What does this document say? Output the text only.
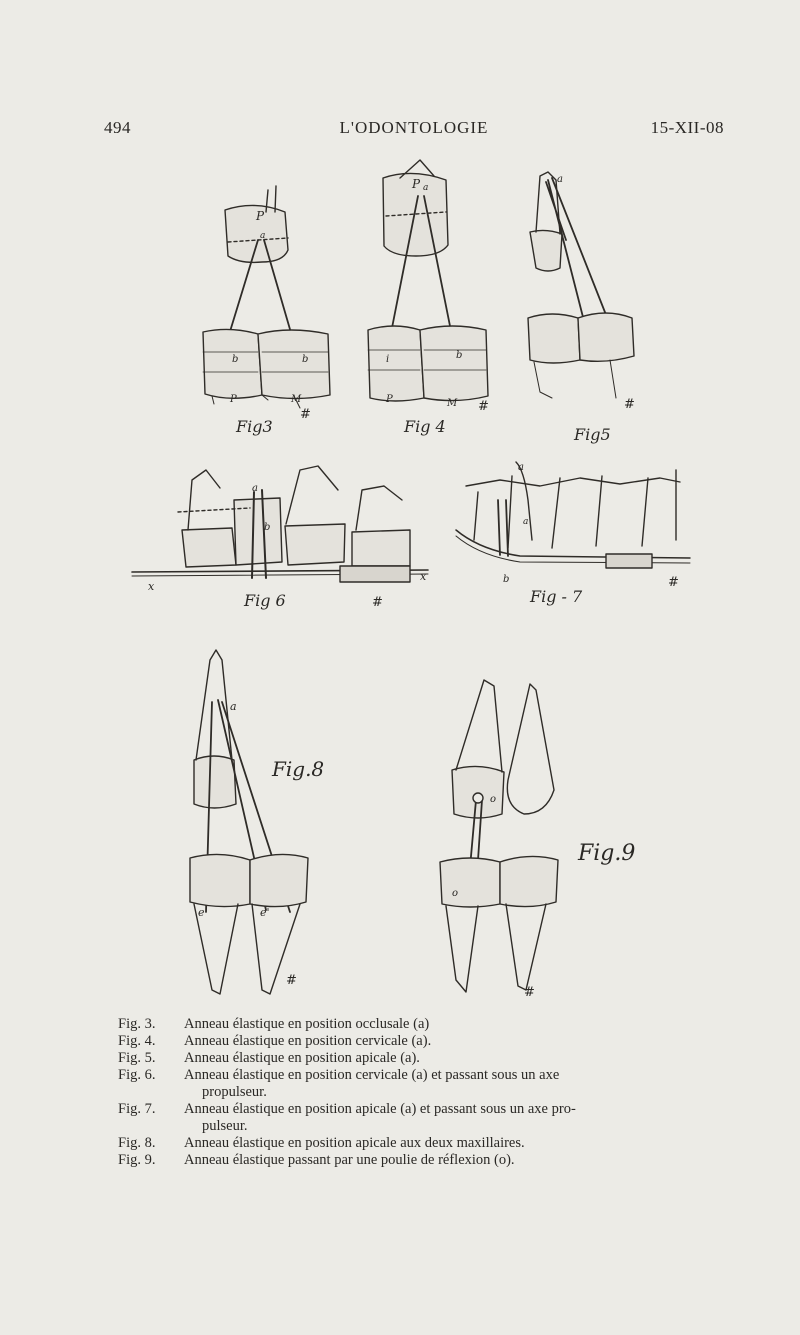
494	L'ODONTOLOGIE	15-XII-08
P
a
b	b
P	M
#
Fig3
P a
i	b
P	M #
Fig 4
a
#
Fig5
a
b
x
x
#
Fig 6
a
a
b	#
Fig - 7
a
e	e'
#
Fig.8
o
o
#
Fig.9
Fig. 3. Anneau élastique en position occlusale (a)
Fig. 4. Anneau élastique en position cervicale (a).
Fig. 5. Anneau élastique en position apicale (a).
Fig. 6. Anneau élastique en position cervicale (a) et passant sous un axe
propulseur.
Fig. 7. Anneau élastique en position apicale (a) et passant sous un axe pro-
pulseur.
Fig. 8. Anneau élastique en position apicale aux deux maxillaires.
Fig. 9. Anneau élastique passant par une poulie de réflexion (o).
